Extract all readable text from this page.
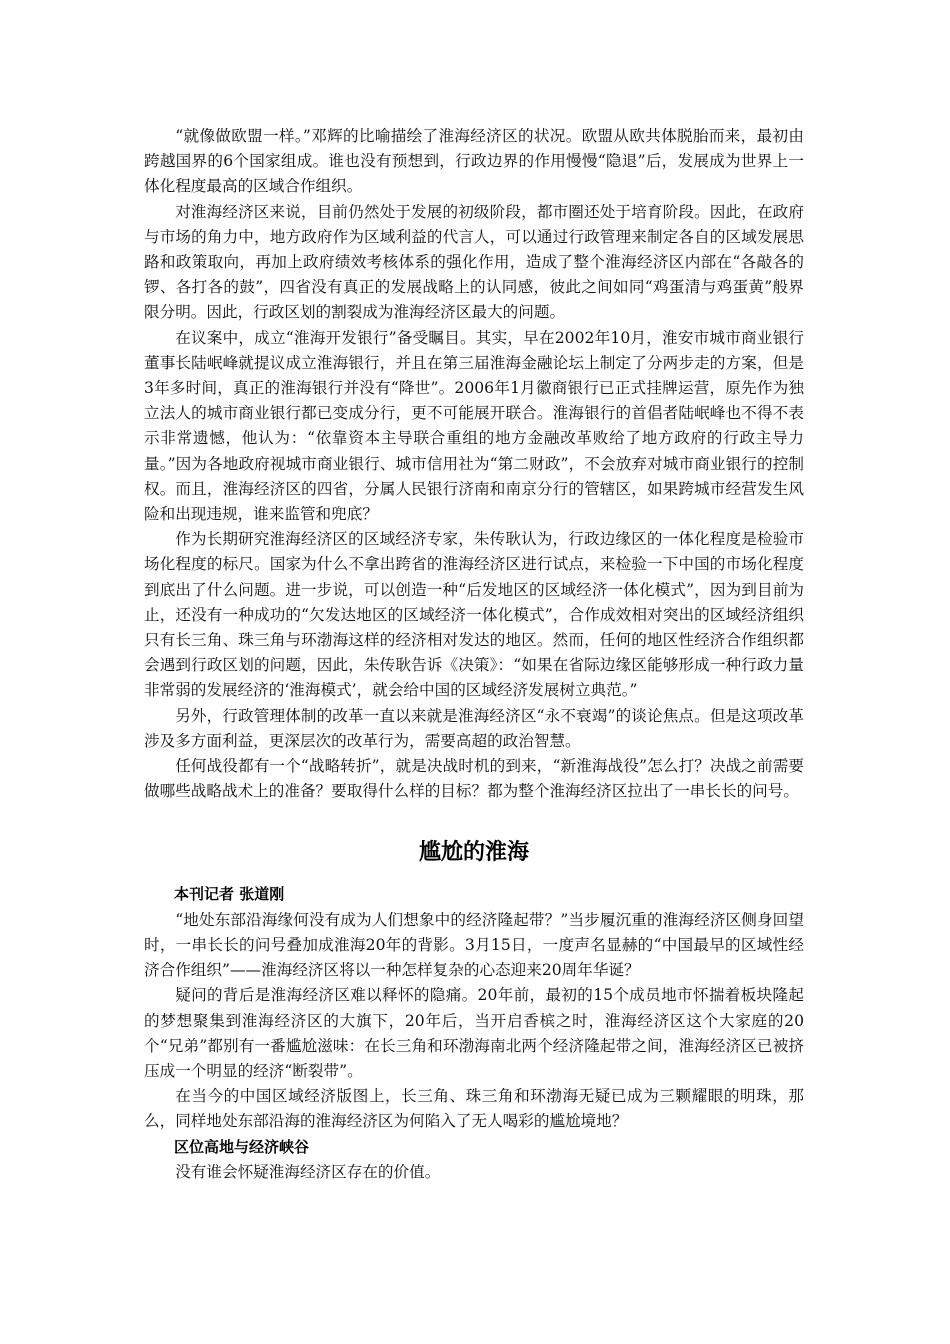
“就像做欧盟一样。”邓辉的比喻描绘了淮海经济区的状况。欧盟从欧共体脱胎而来，最初由跨越国界的6个国家组成。谁也没有预想到，行政边界的作用慢慢“隐退”后，发展成为世界上一体化程度最高的区域合作组织。

对淮海经济区来说，目前仍然处于发展的初级阶段，都市圈还处于培育阶段。因此，在政府与市场的角力中，地方政府作为区域利益的代言人，可以通过行政管理来制定各自的区域发展思路和政策取向，再加上政府绩效考核体系的强化作用，造成了整个淮海经济区内部在“各敲各的锣、各打各的鼓”，四省没有真正的发展战略上的认同感，彼此之间如同“鸡蛋清与鸡蛋黄”般界限分明。因此，行政区划的割裂成为淮海经济区最大的问题。

在议案中，成立“淮海开发银行”备受瞩目。其实，早在2002年10月，淮安市城市商业银行董事长陆岷峰就提议成立淮海银行，并且在第三届淮海金融论坛上制定了分两步走的方案，但是3年多时间，真正的淮海银行并没有“降世”。2006年1月徽商银行已正式挂牌运营，原先作为独立法人的城市商业银行都已变成分行，更不可能展开联合。淮海银行的首倡者陆岷峰也不得不表示非常遗憾，他认为：“依靠资本主导联合重组的地方金融改革败给了地方政府的行政主导力量。”因为各地政府视城市商业银行、城市信用社为“第二财政”，不会放弃对城市商业银行的控制权。而且，淮海经济区的四省，分属人民银行济南和南京分行的管辖区，如果跨城市经营发生风险和出现违规，谁来监管和兜底？

作为长期研究淮海经济区的区域经济专家，朱传耿认为，行政边缘区的一体化程度是检验市场化程度的标尺。国家为什么不拿出跨省的淮海经济区进行试点，来检验一下中国的市场化程度到底出了什么问题。进一步说，可以创造一种“后发地区的区域经济一体化模式”，因为到目前为止，还没有一种成功的“欠发达地区的区域经济一体化模式”，合作成效相对突出的区域经济组织只有长三角、珠三角与环渤海这样的经济相对发达的地区。然而，任何的地区性经济合作组织都会遇到行政区划的问题，因此，朱传耿告诉《决策》：“如果在省际边缘区能够形成一种行政力量非常弱的发展经济的‘淮海模式’，就会给中国的区域经济发展树立典范。”

另外，行政管理体制的改革一直以来就是淮海经济区“永不衰竭”的谈论焦点。但是这项改革涉及多方面利益，更深层次的改革行为，需要高超的政治智慧。

任何战役都有一个“战略转折”，就是决战时机的到来，“新淮海战役”怎么打？决战之前需要做哪些战略战术上的准备？要取得什么样的目标？都为整个淮海经济区拉出了一串长长的问号。

尴尬的淮海

本刊记者 张道刚

“地处东部沿海缘何没有成为人们想象中的经济隆起带？”当步履沉重的淮海经济区侧身回望时，一串长长的问号叠加成淮海20年的背影。3月15日，一度声名显赫的“中国最早的区域性经济合作组织”——淮海经济区将以一种怎样复杂的心态迎来20周年华诞？

疑问的背后是淮海经济区难以释怀的隐痛。20年前，最初的15个成员地市怀揣着板块隆起的梦想聚集到淮海经济区的大旗下，20年后，当开启香槟之时，淮海经济区这个大家庭的20个“兄弟”都别有一番尴尬滋味：在长三角和环渤海南北两个经济隆起带之间，淮海经济区已被挤压成一个明显的经济“断裂带”。

在当今的中国区域经济版图上，长三角、珠三角和环渤海无疑已成为三颗耀眼的明珠，那么，同样地处东部沿海的淮海经济区为何陷入了无人喝彩的尴尬境地？

区位高地与经济峡谷

没有谁会怀疑淮海经济区存在的价值。
